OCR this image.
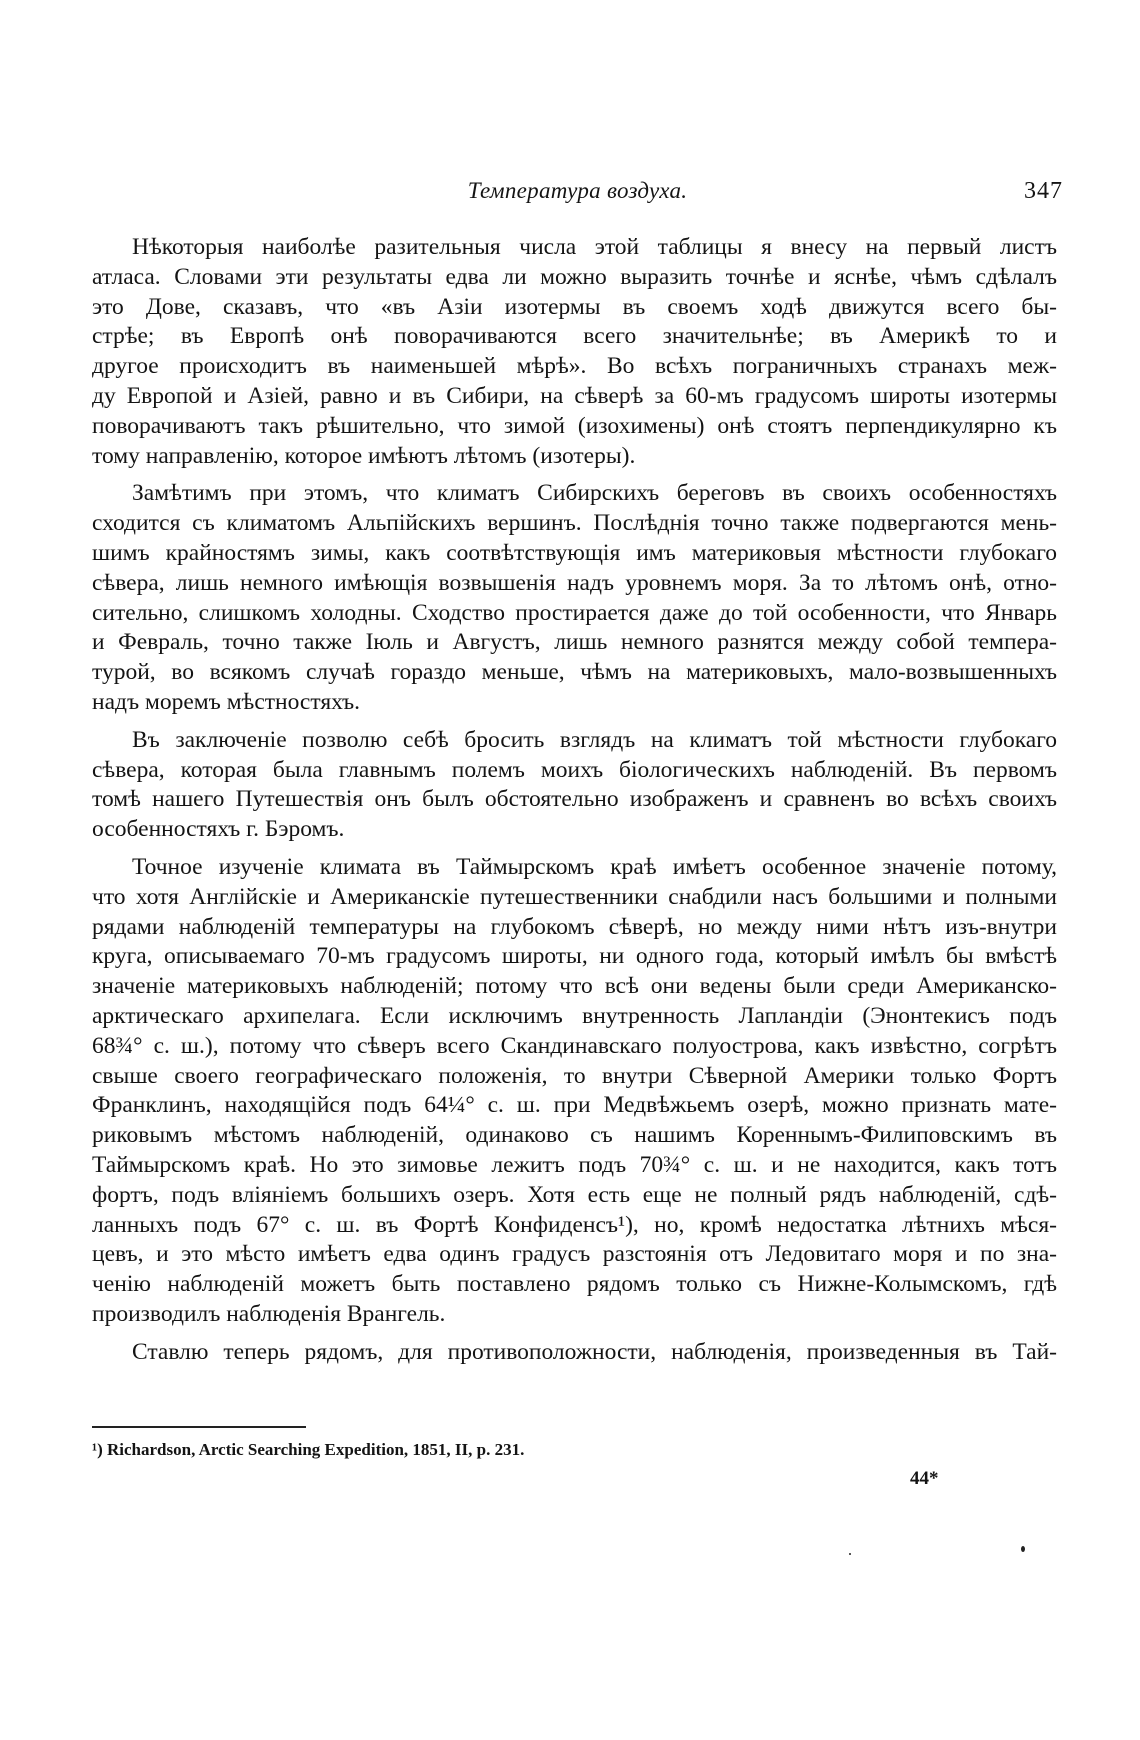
Температура воздуха.	347
Нѣкоторыя наиболѣе разительныя числа этой таблицы я внесу на первый листъ
атласа. Словами эти результаты едва ли можно выразить точнѣе и яснѣе, чѣмъ сдѣлалъ
это Дове, сказавъ, что «въ Азіи изотермы въ своемъ ходѣ движутся всего бы-
стрѣе; въ Европѣ онѣ поворачиваются всего значительнѣе; въ Америкѣ то и
другое происходитъ въ наименьшей мѣрѣ». Во всѣхъ пограничныхъ странахъ меж-
ду Европой и Азіей, равно и въ Сибири, на сѣверѣ за 60-мъ градусомъ широты изотермы
поворачиваютъ такъ рѣшительно, что зимой (изохимены) онѣ стоятъ перпендикулярно къ
тому направленію, которое имѣютъ лѣтомъ (изотеры).
Замѣтимъ при этомъ, что климатъ Сибирскихъ береговъ въ своихъ особенностяхъ
сходится съ климатомъ Альпійскихъ вершинъ. Послѣднія точно также подвергаются мень-
шимъ крайностямъ зимы, какъ соотвѣтствующія имъ материковыя мѣстности глубокаго
сѣвера, лишь немного имѣющія возвышенія надъ уровнемъ моря. За то лѣтомъ онѣ, отно-
сительно, слишкомъ холодны. Сходство простирается даже до той особенности, что Январь
и Февраль, точно также Іюль и Августъ, лишь немного разнятся между собой темпера-
турой, во всякомъ случаѣ гораздо меньше, чѣмъ на материковыхъ, мало-возвышенныхъ
надъ моремъ мѣстностяхъ.
Въ заключеніе позволю себѣ бросить взглядъ на климатъ той мѣстности глубокаго
сѣвера, которая была главнымъ полемъ моихъ біологическихъ наблюденій. Въ первомъ
томѣ нашего Путешествія онъ былъ обстоятельно изображенъ и сравненъ во всѣхъ своихъ
особенностяхъ г. Бэромъ.
Точное изученіе климата въ Таймырскомъ краѣ имѣетъ особенное значеніе потому,
что хотя Англійскіе и Американскіе путешественники снабдили насъ большими и полными
рядами наблюденій температуры на глубокомъ сѣверѣ, но между ними нѣтъ изъ-внутри
круга, описываемаго 70-мъ градусомъ широты, ни одного года, который имѣлъ бы вмѣстѣ
значеніе материковыхъ наблюденій; потому что всѣ они ведены были среди Американско-
арктическаго архипелага. Если исключимъ внутренность Лапландіи (Энонтекисъ подъ
68¾° с. ш.), потому что сѣверъ всего Скандинавскаго полуострова, какъ извѣстно, согрѣтъ
свыше своего географическаго положенія, то внутри Сѣверной Америки только Фортъ
Франклинъ, находящійся подъ 64¼° с. ш. при Медвѣжьемъ озерѣ, можно признать мате-
риковымъ мѣстомъ наблюденій, одинаково съ нашимъ Кореннымъ-Филиповскимъ въ
Таймырскомъ краѣ. Но это зимовье лежитъ подъ 70¾° с. ш. и не находится, какъ тотъ
фортъ, подъ вліяніемъ большихъ озеръ. Хотя есть еще не полный рядъ наблюденій, сдѣ-
ланныхъ подъ 67° с. ш. въ Фортѣ Конфиденсъ¹), но, кромѣ недостатка лѣтнихъ мѣся-
цевъ, и это мѣсто имѣетъ едва одинъ градусъ разстоянія отъ Ледовитаго моря и по зна-
ченію наблюденій можетъ быть поставлено рядомъ только съ Нижне-Колымскомъ, гдѣ
производилъ наблюденія Врангель.
Ставлю теперь рядомъ, для противоположности, наблюденія, произведенныя въ Тай-
¹) Richardson, Arctic Searching Expedition, 1851, II, p. 231.
44*
